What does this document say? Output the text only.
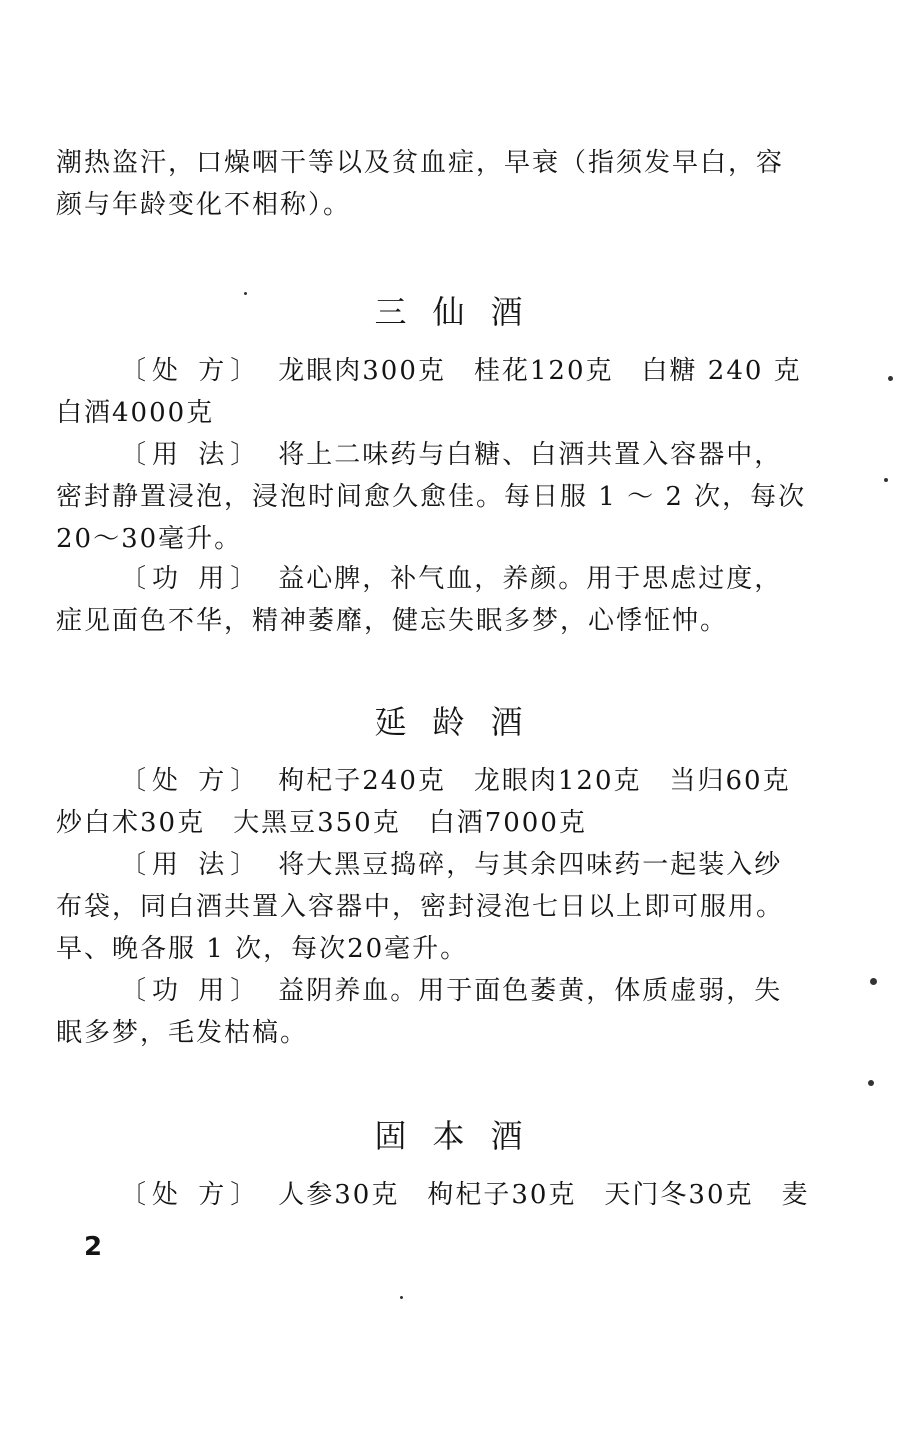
潮热盗汗，口燥咽干等以及贫血症，早衰（指须发早白，容
颜与年龄变化不相称）。
三仙酒
〔处 方〕 龙眼肉300克　桂花120克　白糖 240 克
白酒4000克
〔用 法〕 将上二味药与白糖、白酒共置入容器中，
密封静置浸泡，浸泡时间愈久愈佳。每日服 1 ～ 2 次，每次
20～30毫升。
〔功 用〕 益心脾，补气血，养颜。用于思虑过度，
症见面色不华，精神萎靡，健忘失眠多梦，心悸怔忡。
延龄酒
〔处 方〕 枸杞子240克　龙眼肉120克　当归60克
炒白术30克　大黑豆350克　白酒7000克
〔用 法〕 将大黑豆捣碎，与其余四味药一起装入纱
布袋，同白酒共置入容器中，密封浸泡七日以上即可服用。
早、晚各服 1 次，每次20毫升。
〔功 用〕 益阴养血。用于面色萎黄，体质虚弱，失
眠多梦，毛发枯槁。
固本酒
〔处 方〕 人参30克　枸杞子30克　天门冬30克　麦
2
